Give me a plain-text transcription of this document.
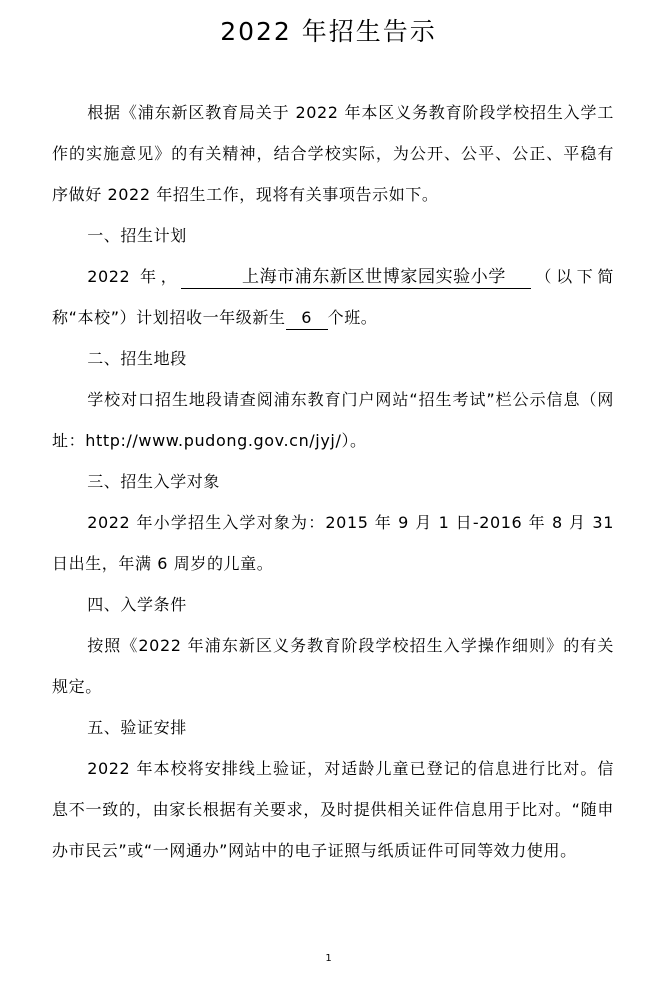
2022 年招生告示

根据《浦东新区教育局关于 2022 年本区义务教育阶段学校招生入学工作的实施意见》的有关精神，结合学校实际，为公开、公平、公正、平稳有序做好 2022 年招生工作，现将有关事项告示如下。

一、招生计划

2022 年，	上海市浦东新区世博家园实验小学 （以下简称“本校”）计划招收一年级新生 6 个班。

二、招生地段

学校对口招生地段请查阅浦东教育门户网站“招生考试”栏公示信息（网址：http://www.pudong.gov.cn/jyj/）。

三、招生入学对象

2022 年小学招生入学对象为：2015 年 9 月 1 日-2016 年 8 月 31 日出生，年满 6 周岁的儿童。

四、入学条件

按照《2022 年浦东新区义务教育阶段学校招生入学操作细则》的有关规定。

五、验证安排

2022 年本校将安排线上验证，对适龄儿童已登记的信息进行比对。信息不一致的，由家长根据有关要求，及时提供相关证件信息用于比对。“随申办市民云”或“一网通办”网站中的电子证照与纸质证件可同等效力使用。

1
